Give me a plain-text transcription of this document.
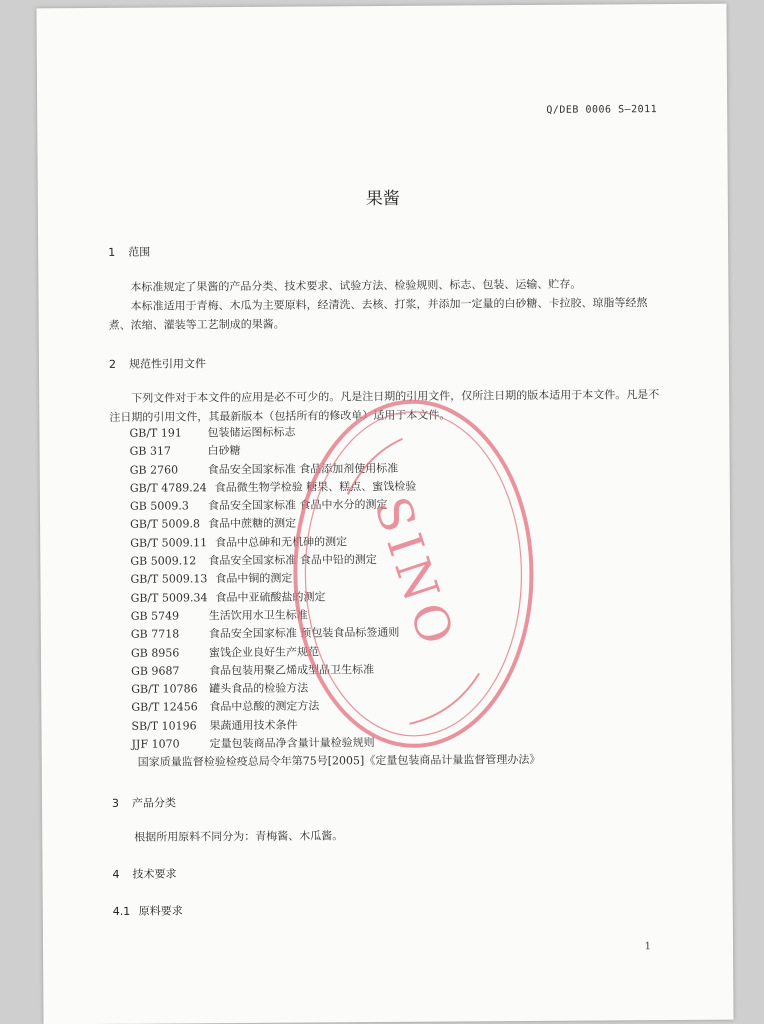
Q/DEB 0006 S—2011
果酱
1 范围

本标准规定了果酱的产品分类、技术要求、试验方法、检验规则、标志、包装、运输、贮存。

本标准适用于青梅、木瓜为主要原料，经清洗、去核、打浆，并添加一定量的白砂糖、卡拉胶、琼脂等经熬煮、浓缩、灌装等工艺制成的果酱。

2 规范性引用文件

下列文件对于本文件的应用是必不可少的。凡是注日期的引用文件，仅所注日期的版本适用于本文件。凡是不注日期的引用文件，其最新版本（包括所有的修改单）适用于本文件。

GB/T 191 包装储运图标标志
GB 317	白砂糖
GB 2760	食品安全国家标准 食品添加剂使用标准
GB/T 4789.24 食品微生物学检验 糖果、糕点、蜜饯检验
GB 5009.3 食品安全国家标准 食品中水分的测定
GB/T 5009.8 食品中蔗糖的测定
GB/T 5009.11 食品中总砷和无机砷的测定
GB 5009.12 食品安全国家标准 食品中铅的测定
GB/T 5009.13 食品中铜的测定
GB/T 5009.34 食品中亚硫酸盐的测定
GB 5749	生活饮用水卫生标准
GB 7718	食品安全国家标准 预包装食品标签通则
GB 8956	蜜饯企业良好生产规范
GB 9687	食品包装用聚乙烯成型品卫生标准
GB/T 10786 罐头食品的检验方法
GB/T 12456 食品中总酸的测定方法
SB/T 10196 果蔬通用技术条件
JJF 1070	定量包装商品净含量计量检验规则
国家质量监督检验检疫总局令年第75号[2005]《定量包装商品计量监督管理办法》
3 产品分类

根据所用原料不同分为：青梅酱、木瓜酱。

4 技术要求
4.1 原料要求
1
SINO
